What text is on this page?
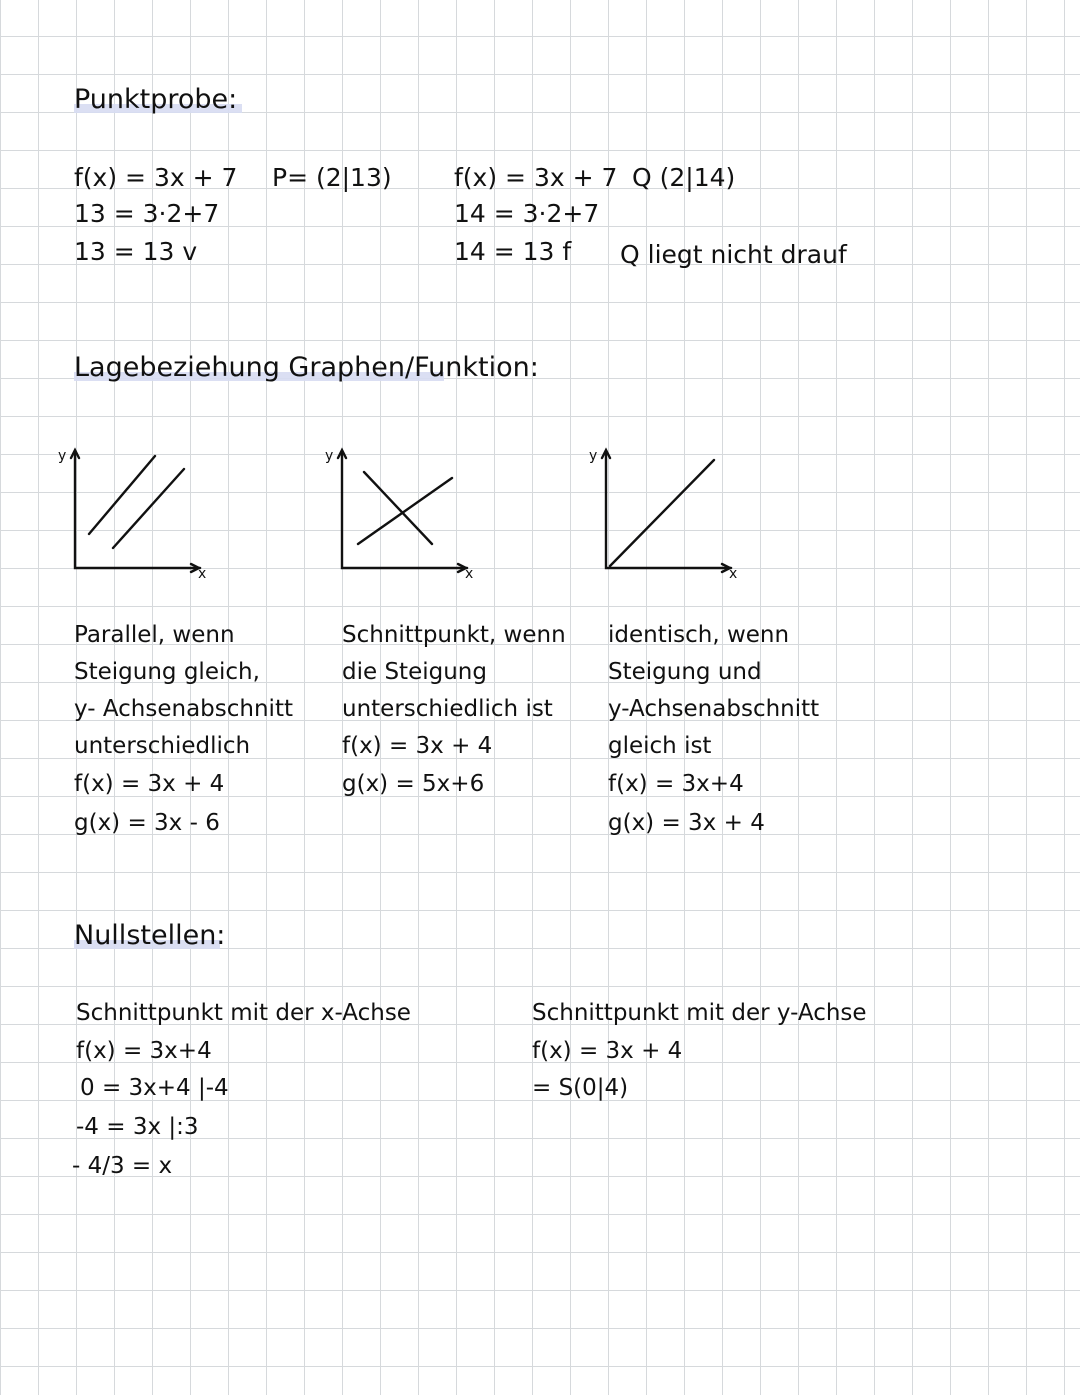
Punktprobe:
f(x) = 3x + 7
13 = 3·2+7
13 = 13 v
P= (2|13) f(x) = 3x + 7
14 = 3·2+7
14 = 13 f
Q (2|14)
Q liegt nicht drauf
Lagebeziehung Graphen/Funktion:
y
x
y
x
y
x
Parallel, wenn
Steigung gleich,
y- Achsenabschnitt
unterschiedlich
f(x) = 3x + 4
g(x) = 3x - 6
Schnittpunkt, wenn
die Steigung
unterschiedlich ist
f(x) = 3x + 4
g(x) = 5x+6
identisch, wenn
Steigung und
y-Achsenabschnitt
gleich ist
f(x) = 3x+4
g(x) = 3x + 4
Nullstellen:
Schnittpunkt mit der x-Achse
f(x) = 3x+4
0 = 3x+4 |-4
-4 = 3x |:3
- 4/3 = x
Schnittpunkt mit der y-Achse
f(x) = 3x + 4
= S(0|4)
